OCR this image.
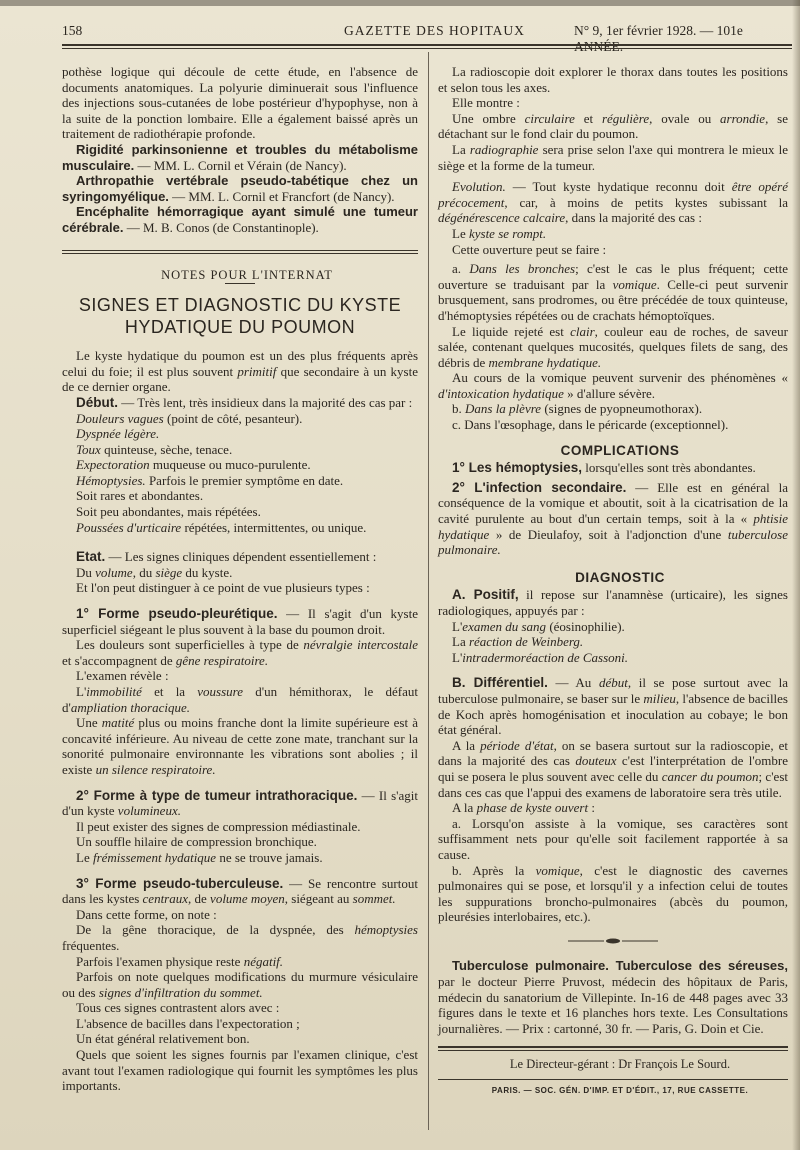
158	GAZETTE DES HOPITAUX	N° 9, 1er février 1928. — 101e ANNÉE.

pothèse logique qui découle de cette étude, en l'absence de documents anatomiques. La polyurie diminuerait sous l'influence des injections sous-cutanées de lobe postérieur d'hypophyse, non à la suite de la ponction lombaire. Elle a également baissé après un traitement de radiothérapie profonde.

Rigidité parkinsonienne et troubles du métabolisme musculaire. — MM. L. Cornil et Vérain (de Nancy).

Arthropathie vertébrale pseudo-tabétique chez un syringomyélique. — MM. L. Cornil et Francfort (de Nancy).

Encéphalite hémorragique ayant simulé une tumeur cérébrale. — M. B. Conos (de Constantinople).

NOTES POUR L'INTERNAT

SIGNES ET DIAGNOSTIC DU KYSTE HYDATIQUE DU POUMON

Le kyste hydatique du poumon est un des plus fréquents après celui du foie; il est plus souvent primitif que secondaire à un kyste de ce dernier organe.

Début. — Très lent, très insidieux dans la majorité des cas par :

Douleurs vagues (point de côté, pesanteur).

Dyspnée légère.

Toux quinteuse, sèche, tenace.

Expectoration muqueuse ou muco-purulente.

Hémoptysies. Parfois le premier symptôme en date.

Soit rares et abondantes.

Soit peu abondantes, mais répétées.

Poussées d'urticaire répétées, intermittentes, ou unique.

Etat. — Les signes cliniques dépendent essentiellement :

Du volume, du siège du kyste.

Et l'on peut distinguer à ce point de vue plusieurs types :

1° Forme pseudo-pleurétique. — Il s'agit d'un kyste superficiel siégeant le plus souvent à la base du poumon droit.

Les douleurs sont superficielles à type de névralgie intercostale et s'accompagnent de gêne respiratoire.

L'examen révèle :

L'immobilité et la voussure d'un hémithorax, le défaut d'ampliation thoracique.

Une matité plus ou moins franche dont la limite supérieure est à concavité inférieure. Au niveau de cette zone mate, tranchant sur la sonorité pulmonaire environnante les vibrations sont abolies ; il existe un silence respiratoire.

2° Forme à type de tumeur intrathoracique. — Il s'agit d'un kyste volumineux.

Il peut exister des signes de compression médiastinale.

Un souffle hilaire de compression bronchique.

Le frémissement hydatique ne se trouve jamais.

3° Forme pseudo-tuberculeuse. — Se rencontre surtout dans les kystes centraux, de volume moyen, siégeant au sommet.

Dans cette forme, on note :

De la gêne thoracique, de la dyspnée, des hémoptysies fréquentes.

Parfois l'examen physique reste négatif.

Parfois on note quelques modifications du murmure vésiculaire ou des signes d'infiltration du sommet.

Tous ces signes contrastent alors avec :

L'absence de bacilles dans l'expectoration ;

Un état général relativement bon.

Quels que soient les signes fournis par l'examen clinique, c'est avant tout l'examen radiologique qui fournit les symptômes les plus importants.

La radioscopie doit explorer le thorax dans toutes les positions et selon tous les axes.

Elle montre :

Une ombre circulaire et régulière, ovale ou arrondie, se détachant sur le fond clair du poumon.

La radiographie sera prise selon l'axe qui montrera le mieux le siège et la forme de la tumeur.

Evolution. — Tout kyste hydatique reconnu doit être opéré précocement, car, à moins de petits kystes subissant la dégénérescence calcaire, dans la majorité des cas :

Le kyste se rompt.

Cette ouverture peut se faire :

a. Dans les bronches; c'est le cas le plus fréquent; cette ouverture se traduisant par la vomique. Celle-ci peut survenir brusquement, sans prodromes, ou être précédée de toux quinteuse, d'hémoptysies répétées ou de crachats hémoptoïques.

Le liquide rejeté est clair, couleur eau de roches, de saveur salée, contenant quelques mucosités, quelques filets de sang, des débris de membrane hydatique.

Au cours de la vomique peuvent survenir des phénomènes « d'intoxication hydatique » d'allure sévère.

b. Dans la plèvre (signes de pyopneumothorax).

c. Dans l'œsophage, dans le péricarde (exceptionnel).

COMPLICATIONS

1° Les hémoptysies, lorsqu'elles sont très abondantes.

2° L'infection secondaire. — Elle est en général la conséquence de la vomique et aboutit, soit à la cicatrisation de la cavité purulente au bout d'un certain temps, soit à la « phtisie hydatique » de Dieulafoy, soit à l'adjonction d'une tuberculose pulmonaire.

DIAGNOSTIC

A. Positif, il repose sur l'anamnèse (urticaire), les signes radiologiques, appuyés par :

L'examen du sang (éosinophilie).

La réaction de Weinberg.

L'intradermoréaction de Cassoni.

B. Différentiel. — Au début, il se pose surtout avec la tuberculose pulmonaire, se baser sur le milieu, l'absence de bacilles de Koch après homogénisation et inoculation au cobaye; le bon état général.

A la période d'état, on se basera surtout sur la radioscopie, et dans la majorité des cas douteux c'est l'interprétation de l'ombre qui se posera le plus souvent avec celle du cancer du poumon; c'est dans ces cas que l'appui des examens de laboratoire sera très utile.

A la phase de kyste ouvert :

a. Lorsqu'on assiste à la vomique, ses caractères sont suffisamment nets pour qu'elle soit facilement rapportée à sa cause.

b. Après la vomique, c'est le diagnostic des cavernes pulmonaires qui se pose, et lorsqu'il y a infection celui de toutes les suppurations broncho-pulmonaires (abcès du poumon, pleurésies interlobaires, etc.).

Tuberculose pulmonaire. Tuberculose des séreuses, par le docteur Pierre Pruvost, médecin des hôpitaux de Paris, médecin du sanatorium de Villepinte. In-16 de 448 pages avec 33 figures dans le texte et 16 planches hors texte. Les Consultations journalières. — Prix : cartonné, 30 fr. — Paris, G. Doin et Cie.

Le Directeur-gérant : Dr François Le Sourd.

PARIS. — SOC. GÉN. D'IMP. ET D'ÉDIT., 17, RUE CASSETTE.
